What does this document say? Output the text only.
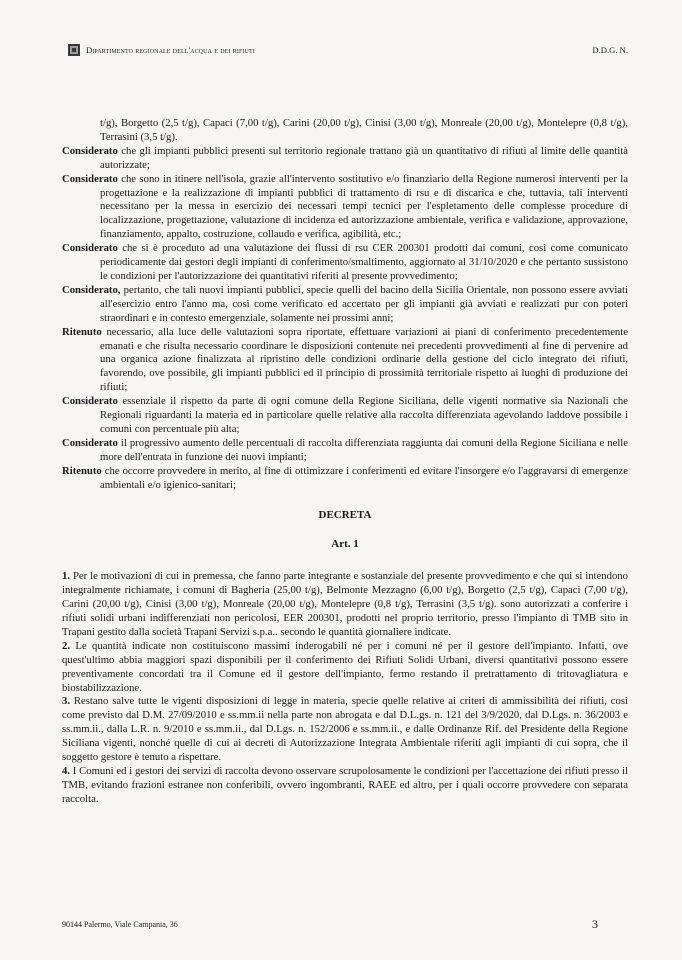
Dipartimento regionale dell'acqua e dei rifiuti	D.D.G. N.

t/g), Borgetto (2,5 t/g), Capaci (7,00 t/g), Carini (20,00 t/g), Cinisi (3,00 t/g), Monreale (20,00 t/g), Montelepre (0,8 t/g), Terrasini (3,5 t/g).

Considerato che gli impianti pubblici presenti sul territorio regionale trattano già un quantitativo di rifiuti al limite delle quantità autorizzate;

Considerato che sono in itinere nell'isola, grazie all'intervento sostitutivo e/o finanziario della Regione numerosi interventi per la progettazione e la realizzazione di impianti pubblici di trattamento di rsu e di discarica e che, tuttavia, tali interventi necessitano per la messa in esercizio dei necessari tempi tecnici per l'espletamento delle complesse procedure di localizzazione, progettazione, valutazione di incidenza ed autorizzazione ambientale, verifica e validazione, approvazione, finanziamento, appalto, costruzione, collaudo e verifica, agibilità, etc.;

Considerato che si è proceduto ad una valutazione dei flussi di rsu CER 200301 prodotti dai comuni, così come comunicato periodicamente dai gestori degli impianti di conferimento/smaltimento, aggiornato al 31/10/2020 e che pertanto sussistono le condizioni per l'autorizzazione dei quantitativi riferiti al presente provvedimento;

Considerato, pertanto, che tali nuovi impianti pubblici, specie quelli del bacino della Sicilia Orientale, non possono essere avviati all'esercizio entro l'anno ma, così come verificato ed accertato per gli impianti già avviati e realizzati pur con poteri straordinari e in contesto emergenziale, solamente nei prossimi anni;

Ritenuto necessario, alla luce delle valutazioni sopra riportate, effettuare variazioni ai piani di conferimento precedentemente emanati e che risulta necessario coordinare le disposizioni contenute nei precedenti provvedimenti al fine di pervenire ad una organica azione finalizzata al ripristino delle condizioni ordinarie della gestione del ciclo integrato dei rifiuti, favorendo, ove possibile, gli impianti pubblici ed il principio di prossimità territoriale rispetto ai luoghi di produzione dei rifiuti;

Considerato essenziale il rispetto da parte di ogni comune della Regione Siciliana, delle vigenti normative sia Nazionali che Regionali riguardanti la materia ed in particolare quelle relative alla raccolta differenziata agevolando laddove possibile i comuni con percentuale più alta;

Considerato il progressivo aumento delle percentuali di raccolta differenziata raggiunta dai comuni della Regione Siciliana e nelle more dell'entrata in funzione dei nuovi impianti;

Ritenuto che occorre provvedere in merito, al fine di ottimizzare i conferimenti ed evitare l'insorgere e/o l'aggravarsi di emergenze ambientali e/o igienico-sanitari;

DECRETA

Art. 1

1. Per le motivazioni di cui in premessa, che fanno parte integrante e sostanziale del presente provvedimento e che qui si intendono integralmente richiamate, i comuni di Bagheria (25,00 t/g), Belmonte Mezzagno (6,00 t/g), Borgetto (2,5 t/g), Capaci (7,00 t/g), Carini (20,00 t/g), Cinisi (3,00 t/g), Monreale (20,00 t/g), Montelepre (0,8 t/g), Terrasini (3,5 t/g). sono autorizzati a conferire i rifiuti solidi urbani indifferenziati non pericolosi, EER 200301, prodotti nel proprio territorio, presso l'impianto di TMB sito in Trapani gestito dalla società Trapani Servizi s.p.a.. secondo le quantità giornaliere indicate.

2. Le quantità indicate non costituiscono massimi inderogabili né per i comuni né per il gestore dell'impianto. Infatti, ove quest'ultimo abbia maggiori spazi disponibili per il conferimento dei Rifiuti Solidi Urbani, diversi quantitativi possono essere preventivamente concordati tra il Comune ed il gestore dell'impianto, fermo restando il pretrattamento di tritovagliatura e biostabilizzazione.

3. Restano salve tutte le vigenti disposizioni di legge in materia, specie quelle relative ai criteri di ammissibilità dei rifiuti, così come previsto dal D.M. 27/09/2010 e ss.mm.ii nella parte non abrogata e dal D.L.gs. n. 121 del 3/9/2020, dal D.Lgs. n. 36/2003 e ss.mm.ii., dalla L.R. n. 9/2010 e ss.mm.ii., dal D.Lgs. n. 152/2006 e ss.mm.ii., e dalle Ordinanze Rif. del Presidente della Regione Siciliana vigenti, nonché quelle di cui ai decreti di Autorizzazione Integrata Ambientale riferiti agli impianti di cui sopra, che il soggetto gestore è tenuto a rispettare.

4. I Comuni ed i gestori dei servizi di raccolta devono osservare scrupolosamente le condizioni per l'accettazione dei rifiuti presso il TMB, evitando frazioni estranee non conferibili, ovvero ingombranti, RAEE ed altro, per i quali occorre provvedere con separata raccolta.

90144 Palermo, Viale Campania, 36	3
